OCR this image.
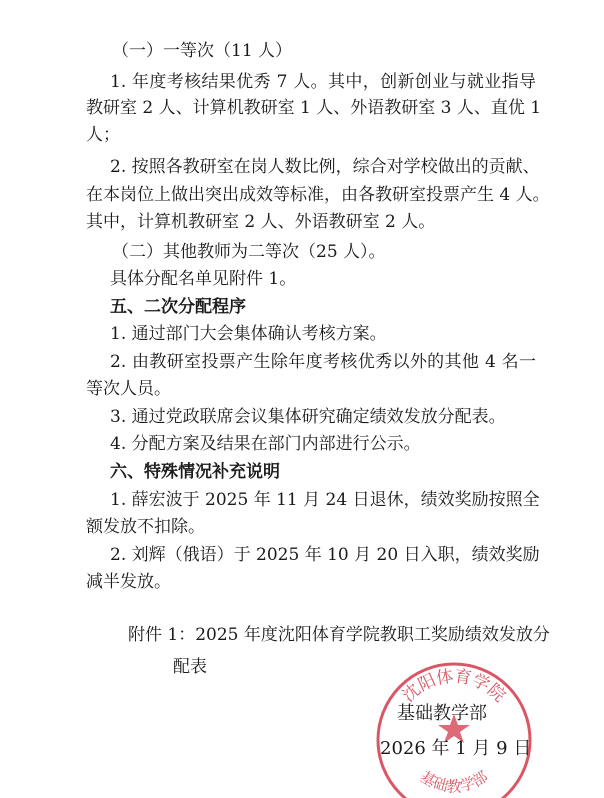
（一）一等次（11 人）
1. 年度考核结果优秀 7 人。其中，创新创业与就业指导
教研室 2 人、计算机教研室 1 人、外语教研室 3 人、直优 1
人；
2. 按照各教研室在岗人数比例，综合对学校做出的贡献、
在本岗位上做出突出成效等标准，由各教研室投票产生 4 人。
其中，计算机教研室 2 人、外语教研室 2 人。
（二）其他教师为二等次（25 人）。
具体分配名单见附件 1。
五、二次分配程序
1. 通过部门大会集体确认考核方案。
2. 由教研室投票产生除年度考核优秀以外的其他 4 名一
等次人员。
3. 通过党政联席会议集体研究确定绩效发放分配表。
4. 分配方案及结果在部门内部进行公示。
六、特殊情况补充说明
1. 薛宏波于 2025 年 11 月 24 日退休，绩效奖励按照全
额发放不扣除。
2. 刘辉（俄语）于 2025 年 10 月 20 日入职，绩效奖励
减半发放。
附件 1：2025 年度沈阳体育学院教职工奖励绩效发放分
配表
沈阳体育学院
基础教学部
基础教学部
2026 年 1 月 9 日
